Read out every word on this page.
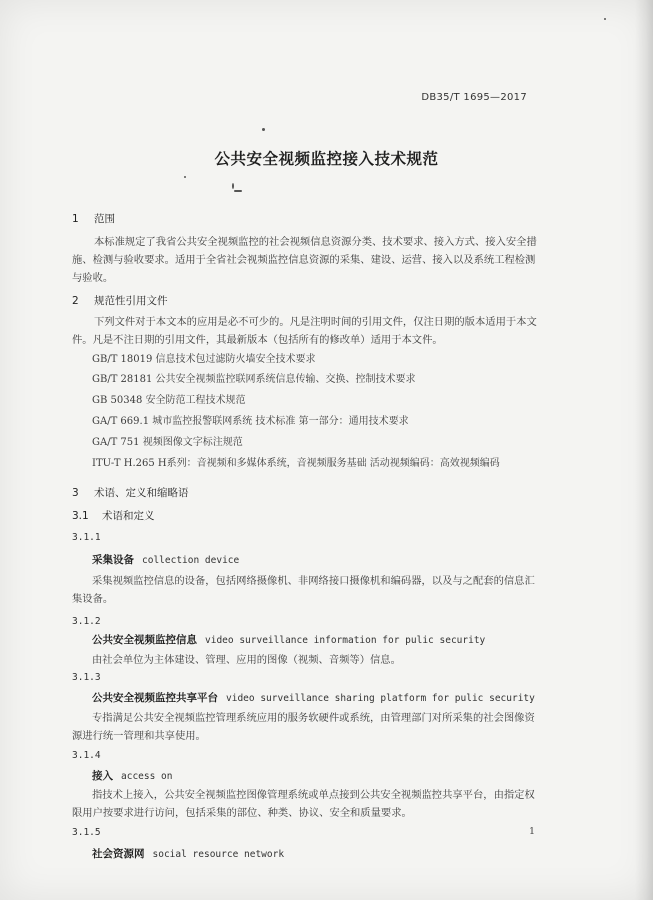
DB35/T 1695—2017
公共安全视频监控接入技术规范
1 范围
本标准规定了我省公共安全视频监控的社会视频信息资源分类、技术要求、接入方式、接入安全措施、检测与验收要求。适用于全省社会视频监控信息资源的采集、建设、运营、接入以及系统工程检测与验收。
2 规范性引用文件
下列文件对于本文本的应用是必不可少的。凡是注明时间的引用文件，仅注日期的版本适用于本文件。凡是不注日期的引用文件，其最新版本（包括所有的修改单）适用于本文件。
GB/T 18019 信息技术包过滤防火墙安全技术要求
GB/T 28181 公共安全视频监控联网系统信息传输、交换、控制技术要求
GB 50348 安全防范工程技术规范
GA/T 669.1 城市监控报警联网系统 技术标准 第一部分：通用技术要求
GA/T 751 视频图像文字标注规范
ITU-T H.265 H系列：音视频和多媒体系统，音视频服务基础 活动视频编码：高效视频编码
3 术语、定义和缩略语
3.1 术语和定义
3.1.1
采集设备 collection device
采集视频监控信息的设备，包括网络摄像机、非网络接口摄像机和编码器，以及与之配套的信息汇集设备。
3.1.2
公共安全视频监控信息 video surveillance information for pulic security
由社会单位为主体建设、管理、应用的图像（视频、音频等）信息。
3.1.3
公共安全视频监控共享平台 video surveillance sharing platform for pulic security
专指满足公共安全视频监控管理系统应用的服务软硬件或系统，由管理部门对所采集的社会图像资源进行统一管理和共享使用。
3.1.4
接入 access on
指技术上接入，公共安全视频监控图像管理系统或单点接到公共安全视频监控共享平台，由指定权限用户按要求进行访问，包括采集的部位、种类、协议、安全和质量要求。
3.1.5
社会资源网 social resource network
1
